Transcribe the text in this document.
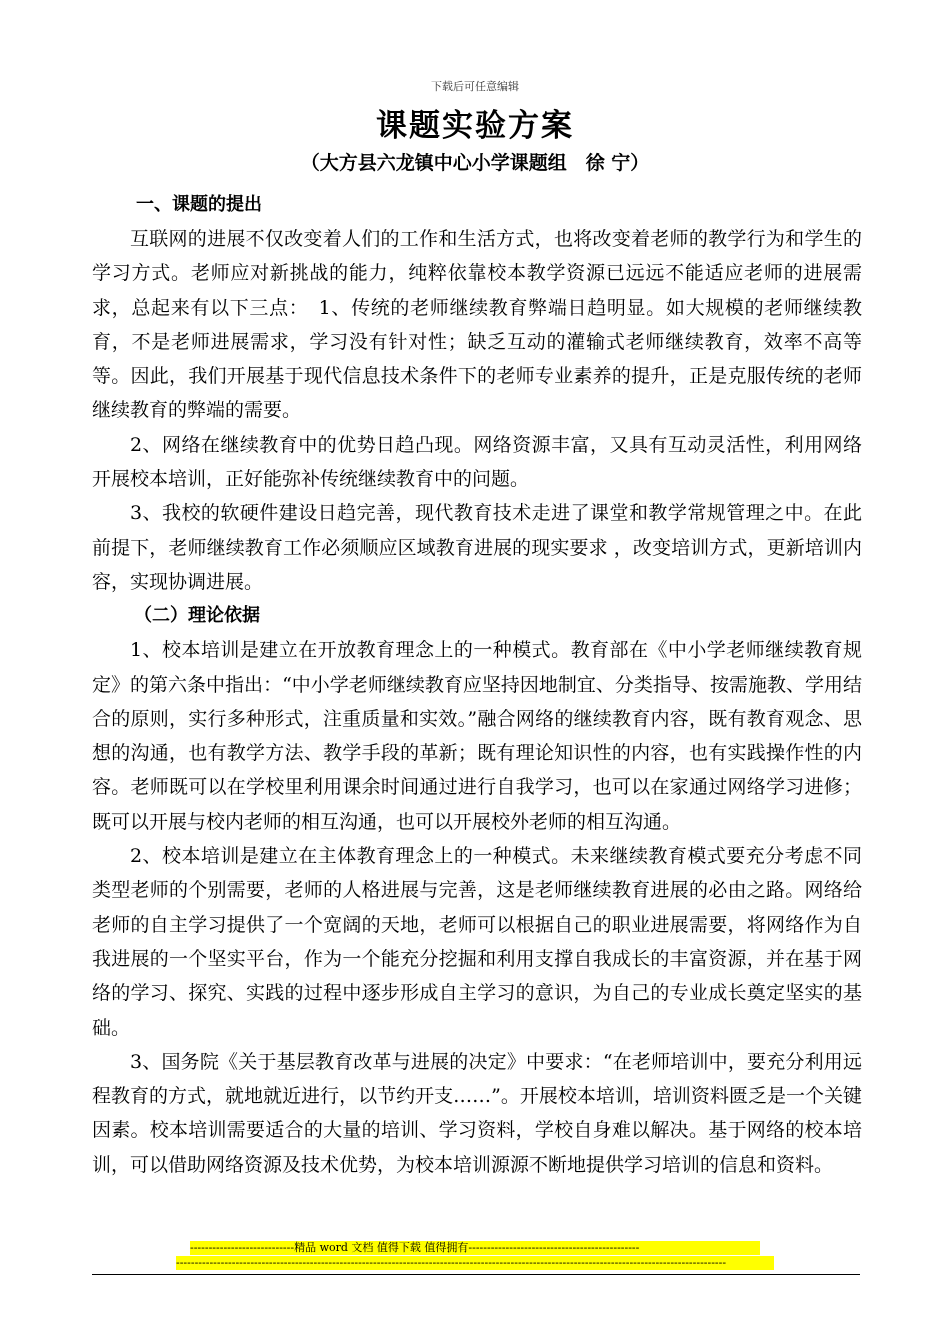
下载后可任意编辑
课题实验方案
（大方县六龙镇中心小学课题组　徐 宁）
一、课题的提出

互联网的进展不仅改变着人们的工作和生活方式，也将改变着老师的教学行为和学生的学习方式。老师应对新挑战的能力，纯粹依靠校本教学资源已远远不能适应老师的进展需求，总起来有以下三点：　1、传统的老师继续教育弊端日趋明显。如大规模的老师继续教育，不是老师进展需求，学习没有针对性；缺乏互动的灌输式老师继续教育，效率不高等等。因此，我们开展基于现代信息技术条件下的老师专业素养的提升，正是克服传统的老师继续教育的弊端的需要。

2、网络在继续教育中的优势日趋凸现。网络资源丰富，又具有互动灵活性，利用网络开展校本培训，正好能弥补传统继续教育中的问题。

3、我校的软硬件建设日趋完善，现代教育技术走进了课堂和教学常规管理之中。在此前提下，老师继续教育工作必须顺应区域教育进展的现实要求 ，改变培训方式，更新培训内容，实现协调进展。

（二）理论依据

1、校本培训是建立在开放教育理念上的一种模式。教育部在《中小学老师继续教育规定》的第六条中指出：“中小学老师继续教育应坚持因地制宜、分类指导、按需施教、学用结合的原则，实行多种形式，注重质量和实效。”融合网络的继续教育内容，既有教育观念、思想的沟通，也有教学方法、教学手段的革新；既有理论知识性的内容，也有实践操作性的内容。老师既可以在学校里利用课余时间通过进行自我学习，也可以在家通过网络学习进修；既可以开展与校内老师的相互沟通，也可以开展校外老师的相互沟通。

2、校本培训是建立在主体教育理念上的一种模式。未来继续教育模式要充分考虑不同类型老师的个别需要，老师的人格进展与完善，这是老师继续教育进展的必由之路。网络给老师的自主学习提供了一个宽阔的天地，老师可以根据自己的职业进展需要，将网络作为自我进展的一个坚实平台，作为一个能充分挖掘和利用支撑自我成长的丰富资源，并在基于网络的学习、探究、实践的过程中逐步形成自主学习的意识，为自己的专业成长奠定坚实的基础。

3、国务院《关于基层教育改革与进展的决定》中要求：“在老师培训中，要充分利用远程教育的方式，就地就近进行，以节约开支……”。开展校本培训，培训资料匮乏是一个关键因素。校本培训需要适合的大量的培训、学习资料，学校自身难以解决。基于网络的校本培训，可以借助网络资源及技术优势，为校本培训源源不断地提供学习培训的信息和资料。

----------------------------精品 word 文档 值得下载 值得拥有----------------------------------------------
----------------------------------------------------------------------------------------------------------------------------------------------------
